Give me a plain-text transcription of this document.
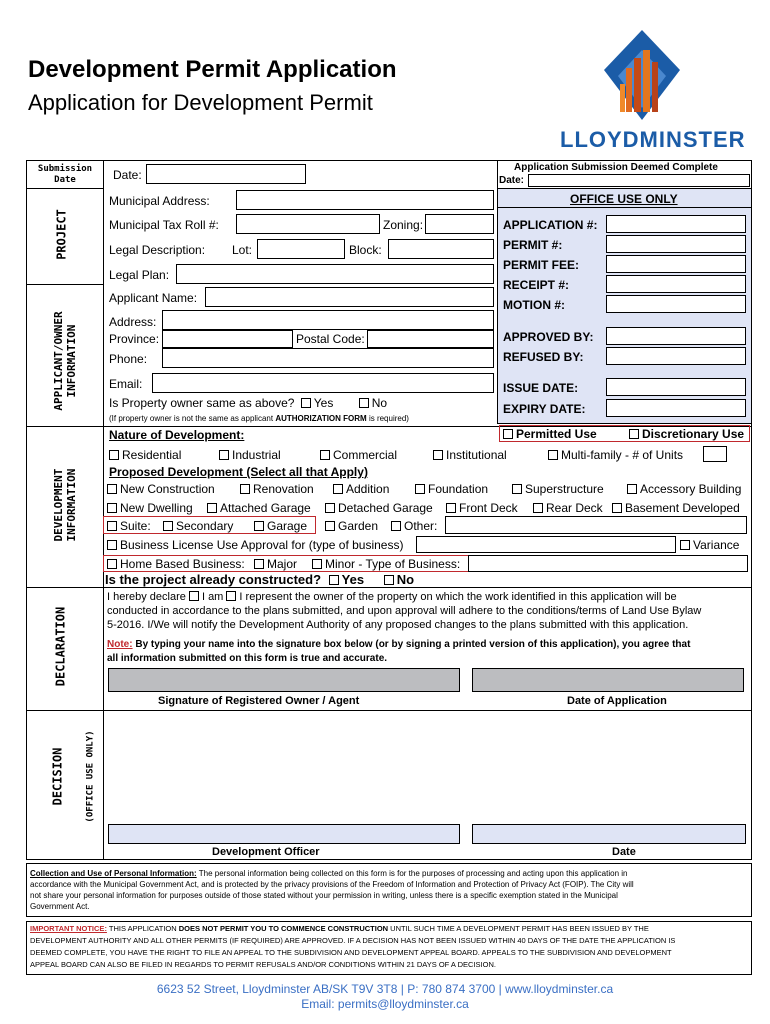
Development Permit Application
Application for Development Permit
LLOYDMINSTER
Submission
Date
PROJECT
APPLICANT/OWNER
INFORMATION
DEVELOPMENT
INFORMATION
DECLARATION
DECISION (OFFICE USE ONLY)
Date:
Municipal Address:
Municipal Tax Roll #:	Zoning:
Legal Description: Lot:	Block:
Legal Plan:
Applicant Name:
Address:
Province:	Postal Code:
Phone:
Email:
Is Property owner same as above? Yes	No
(If property owner is not the same as applicant AUTHORIZATION FORM is required)
Application Submission Deemed Complete
Date:
OFFICE USE ONLY
APPLICATION #:
PERMIT #:
PERMIT FEE:
RECEIPT #:
MOTION #:
APPROVED BY:
REFUSED BY:
ISSUE DATE:
EXPIRY DATE:
Nature of Development:	Permitted Use	Discretionary Use
Residential	Industrial	Commercial	Institutional	Multi-family - # of Units
Proposed Development (Select all that Apply)
New Construction	Renovation	Addition	Foundation	Superstructure	Accessory Building
New Dwelling	Attached Garage	Detached Garage	Front Deck	Rear Deck	Basement Developed
Suite:	Secondary	Garage	Garden	Other:
Business License Use Approval for (type of business)	Variance
Home Based Business:	Major	Minor - Type of Business:
Is the project already constructed? Yes	No
I hereby declare I am I represent the owner of the property on which the work identified in this application will be
conducted in accordance to the plans submitted, and upon approval will adhere to the conditions/terms of Land Use Bylaw
5-2016. I/We will notify the Development Authority of any proposed changes to the plans submitted with this application.
Note: By typing your name into the signature box below (or by signing a printed version of this application), you agree that
all information submitted on this form is true and accurate.
Signature of Registered Owner / Agent	Date of Application
Development Officer	Date
Collection and Use of Personal Information: The personal information being collected on this form is for the purposes of processing and acting upon this application in
accordance with the Municipal Government Act, and is protected by the privacy provisions of the Freedom of Information and Protection of Privacy Act (FOIP). The City will
not share your personal information for purposes outside of those stated without your permission in writing, unless there is a specific exemption stated in the Municipal
Government Act.
IMPORTANT NOTICE: THIS APPLICATION DOES NOT PERMIT YOU TO COMMENCE CONSTRUCTION UNTIL SUCH TIME A DEVELOPMENT PERMIT HAS BEEN ISSUED BY THE
DEVELOPMENT AUTHORITY AND ALL OTHER PERMITS (IF REQUIRED) ARE APPROVED. IF A DECISION HAS NOT BEEN ISSUED WITHIN 40 DAYS OF THE DATE THE APPLICATION IS
DEEMED COMPLETE, YOU HAVE THE RIGHT TO FILE AN APPEAL TO THE SUBDIVISION AND DEVELOPMENT APPEAL BOARD. APPEALS TO THE SUBDIVISION AND DEVELOPMENT
APPEAL BOARD CAN ALSO BE FILED IN REGARDS TO PERMIT REFUSALS AND/OR CONDITIONS WITHIN 21 DAYS OF A DECISION.
6623 52 Street, Lloydminster AB/SK T9V 3T8 | P: 780 874 3700 | www.lloydminster.ca
Email: permits@lloydminster.ca
